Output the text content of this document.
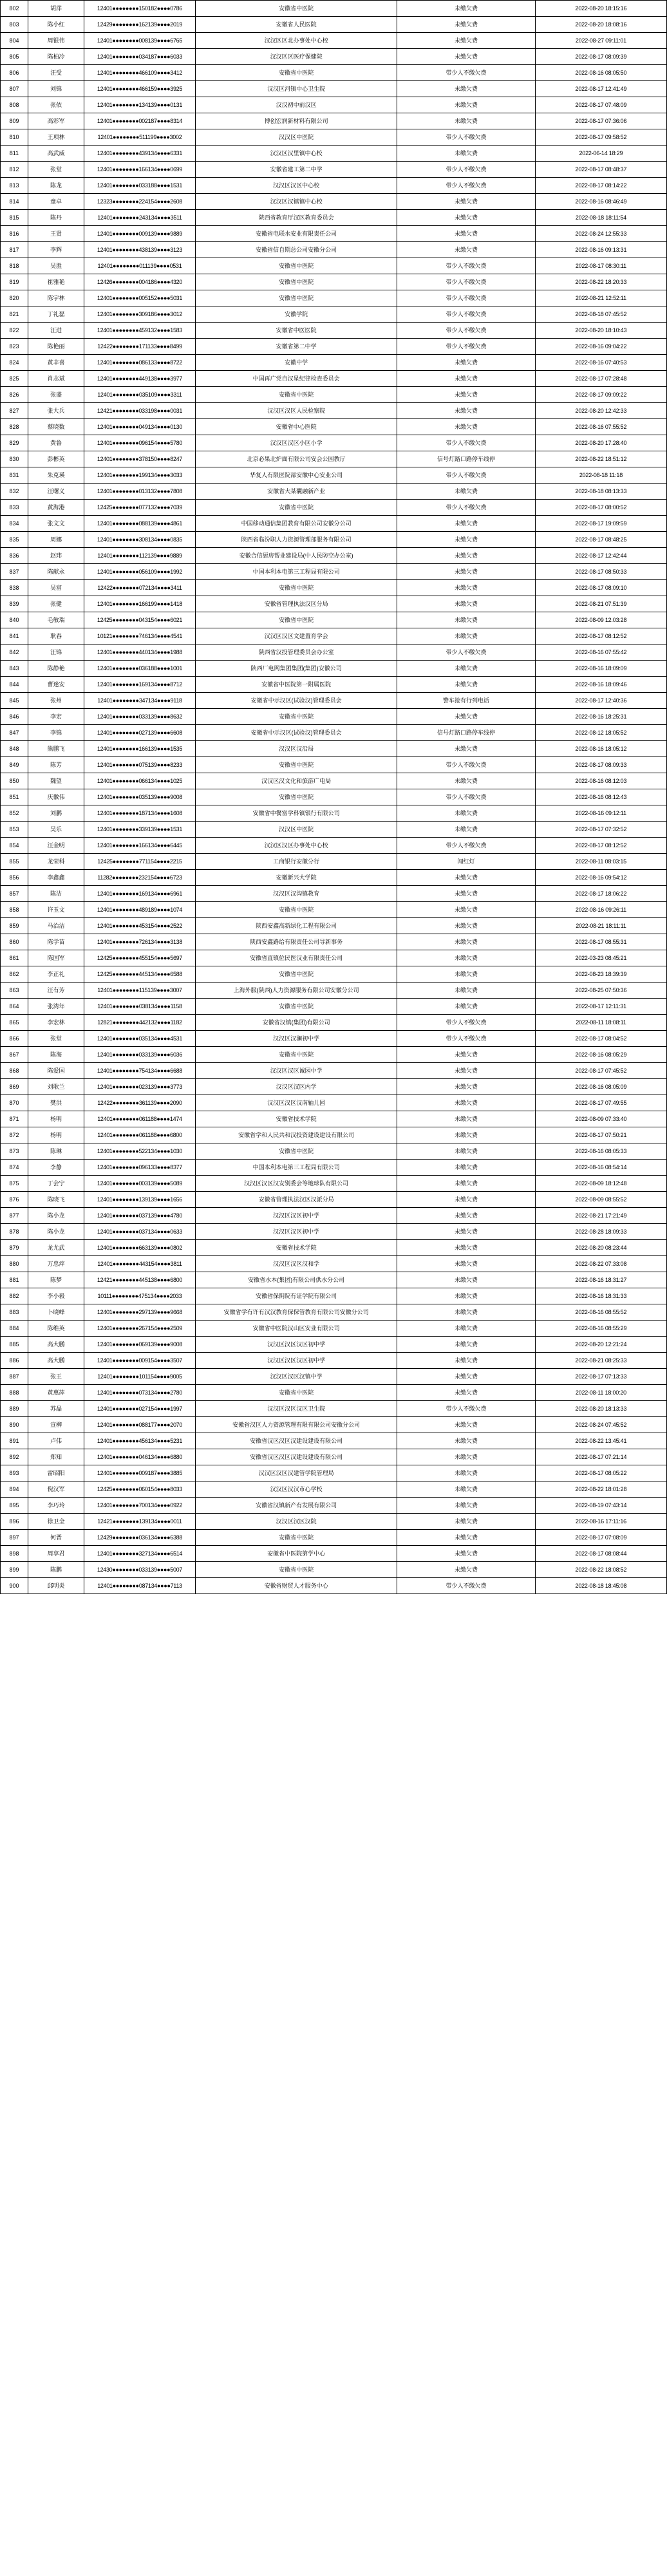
802	胡萍	12401●●●●●●●●150182●●●●0786	安徽省中医院	未缴欠费	2022-08-20 18:15:16
803	陈小红	12429●●●●●●●●162139●●●●2019	安徽省人民医院	未缴欠费	2022-08-20 18:08:16
804	周银伟	12401●●●●●●●●008139●●●●6765	汉汉区区北办事处中心校	未缴欠费	2022-08-27 09:11:01
805	陈柏冷	12401●●●●●●●●034187●●●●6033	汉汉区区医疗保健院	未缴欠费	2022-08-17 08:09:39
806	汪受	12401●●●●●●●●466109●●●●3412	安徽省中医院	带少人不缴欠费	2022-08-16 08:05:50
807	刘锦	12401●●●●●●●●466159●●●●3925	汉汉区河镇中心卫生院	未缴欠费	2022-08-17 12:41:49
808	张依	12401●●●●●●●●134139●●●●0131	汉汉初中前汉区	未缴欠费	2022-08-17 07:48:09
809	高彩军	12401●●●●●●●●002187●●●●8314	博创宏润新材料有限公司	未缴欠费	2022-08-17 07:36:06
810	王项林	12401●●●●●●●●511199●●●●3002	汉汉区中医院	带少人不缴欠费	2022-08-17 09:58:52
811	高武威	12401●●●●●●●●439134●●●●6331	汉汉区汉里镇中心校	未缴欠费	2022-06-14 18:29
812	张堂	12401●●●●●●●●166134●●●●0699	安徽省建工第二中学	带少人不缴欠费	2022-08-17 08:48:37
813	陈龙	12401●●●●●●●●033188●●●●1531	汉汉区汉区中心校	带少人不缴欠费	2022-08-17 08:14:22
814	童卓	12323●●●●●●●●224154●●●●2608	汉汉区汉镇镇中心校	未缴欠费	2022-08-16 08:46:49
815	陈丹	12401●●●●●●●●243134●●●●3511	陕西省教育厅汉区教育委员会	未缴欠费	2022-08-18 18:11:54
816	王贤	12401●●●●●●●●009139●●●●9889	安徽省电联水安业有限责任公司	未缴欠费	2022-08-24 12:55:33
817	李辉	12401●●●●●●●●438139●●●●3123	安徽省信自期总公司安徽分公司	未缴欠费	2022-08-16 09:13:31
818	吴胜	12401●●●●●●●●011139●●●●0531	安徽省中医院	带少人不缴欠费	2022-08-17 08:30:11
819	崔雅艳	12426●●●●●●●●004186●●●●4320	安徽省中医院	带少人不缴欠费	2022-08-22 18:20:33
820	陈宇林	12401●●●●●●●●005152●●●●5031	安徽省中医院	带少人不缴欠费	2022-08-21 12:52:11
821	丁礼磊	12401●●●●●●●●309186●●●●3012	安徽学院	带少人不缴欠费	2022-08-18 07:45:52
822	汪进	12401●●●●●●●●459132●●●●1583	安徽省中医医院	带少人不缴欠费	2022-08-20 18:10:43
823	陈艳丽	12422●●●●●●●●171133●●●●8499	安徽省第二中学	带少人不缴欠费	2022-08-16 09:04:22
824	黄丰喜	12401●●●●●●●●086133●●●●8722	安徽中学	未缴欠费	2022-08-16 07:40:53
825	肖志斌	12401●●●●●●●●449138●●●●3977	中国再广党自汉星纪律检查委员会	未缴欠费	2022-08-17 07:28:48
826	张盛	12401●●●●●●●●035109●●●●3311	安徽省中医院	未缴欠费	2022-08-17 09:09:22
827	张大兵	12421●●●●●●●●033198●●●●0031	汉汉区汉区人民检察院	未缴欠费	2022-08-20 12:42:33
828	蔡晓数	12401●●●●●●●●049134●●●●0130	安徽省中心医院	未缴欠费	2022-08-16 07:55:52
829	黄鲁	12401●●●●●●●●096154●●●●5780	汉汉区汉区小区小学	带少人不缴欠费	2022-08-20 17:28:40
830	彭彬英	12401●●●●●●●●378150●●●●8247	北京必果北炉面有限公司安会公园教厅	信号灯路口路停车线停	2022-08-22 18:51:12
831	朱克瑛	12401●●●●●●●●199134●●●●3033	华复人有限医院部安徽中心安业公司	带少人不缴欠费	2022-08-18 11:18
832	汪曙义	12401●●●●●●●●013132●●●●7808	安徽省大某囊融新产业	未缴欠费	2022-08-18 08:13:33
833	黄海港	12425●●●●●●●●077132●●●●7039	安徽省中医院	带少人不缴欠费	2022-08-17 08:00:52
834	张文文	12401●●●●●●●●088139●●●●4861	中国移动通信集团教育有限公司安徽分公司	未缴欠费	2022-08-17 19:09:59
835	周娜	12401●●●●●●●●308134●●●●0835	陕西省临汾职人力资源管理部服务有限公司	未缴欠费	2022-08-17 08:48:25
836	赵玮	12401●●●●●●●●112139●●●●9889	安徽合信厨房帮业建设局(中人民防空办公室)	未缴欠费	2022-08-17 12:42:44
837	陈献永	12401●●●●●●●●056109●●●●1992	中国本利本电第三工程局有限公司	未缴欠费	2022-08-17 08:50:33
838	吴富	12422●●●●●●●●072134●●●●3411	安徽省中医院	未缴欠费	2022-08-17 08:09:10
839	张健	12401●●●●●●●●166199●●●●1418	安徽省管理执法汉区分局	未缴欠费	2022-08-21 07:51:39
840	毛敏瑞	12425●●●●●●●●043154●●●●6021	安徽省中医院	未缴欠费	2022-08-09 12:03:28
841	耿春	10121●●●●●●●●746134●●●●4541	汉汉区汉区文建置育学会	未缴欠费	2022-08-17 08:12:52
842	汪锦	12401●●●●●●●●440134●●●●1988	陕西省汉投管理委员会办公室	带少人不缴欠费	2022-08-16 07:55:42
843	陈静艳	12401●●●●●●●●036188●●●●1001	陕西厂电网集团集团(集团)安徽公司	未缴欠费	2022-08-16 18:09:09
844	曹迷安	12401●●●●●●●●169134●●●●8712	安徽省中医院第一附属医院	未缴欠费	2022-08-16 18:09:46
845	张州	12401●●●●●●●●347134●●●●9118	安徽省中示汉区(试验汉)管理委员会	警车抢有行列电话	2022-08-17 12:40:36
846	李宏	12401●●●●●●●●033139●●●●8632	安徽省中医院	未缴欠费	2022-08-16 18:25:31
847	李锦	12401●●●●●●●●027139●●●●6608	安徽省中示汉区(试验汉)管理委员会	信号灯路口路停车线停	2022-08-12 18:05:52
848	熊鹏飞	12401●●●●●●●●166139●●●●1535	汉汉区汉沿局	未缴欠费	2022-08-16 18:05:12
849	陈芳	12401●●●●●●●●075139●●●●8233	安徽省中医院	带少人不缴欠费	2022-08-17 08:09:33
850	魏望	12401●●●●●●●●066134●●●●1025	汉汉区汉文化和旅游广电局	未缴欠费	2022-08-16 08:12:03
851	庆徽伟	12401●●●●●●●●035139●●●●9008	安徽省中医院	带少人不缴欠费	2022-08-16 08:12:43
852	刘鹏	12401●●●●●●●●187134●●●●1608	安徽省中餐富学科镇银行有限公司	未缴欠费	2022-08-16 09:12:11
853	吴乐	12401●●●●●●●●339139●●●●1531	汉汉区中医院	未缴欠费	2022-08-17 07:32:52
854	汪金明	12401●●●●●●●●166134●●●●6445	汉汉区汉区办事处中心校	带少人不缴欠费	2022-08-17 08:12:52
855	龙荣科	12425●●●●●●●●771154●●●●2215	工商银行安徽分行	闯红灯	2022-08-11 08:03:15
856	李鑫鑫	11282●●●●●●●●232154●●●●6723	安徽新兴大学院	未缴欠费	2022-08-16 09:54:12
857	陈洁	12401●●●●●●●●169134●●●●6961	汉汉区汉沟镇教育	未缴欠费	2022-08-17 18:06:22
858	许玉文	12401●●●●●●●●489189●●●●1074	安徽省中医院	未缴欠费	2022-08-16 09:26:11
859	马治洁	12401●●●●●●●●453154●●●●2522	陕西安鑫高新绿化工程有限公司	未缴欠费	2022-08-21 18:11:11
860	陈学苗	12401●●●●●●●●726134●●●●3138	陕西安鑫路给有限责任公司导新事务	未缴欠费	2022-08-17 08:55:31
861	陈国军	12425●●●●●●●●455154●●●●5697	安徽省直镇位民医汉业有限责任公司	未缴欠费	2022-03-23 08:45:21
862	李正礼	12425●●●●●●●●445134●●●●6588	安徽省中医院	未缴欠费	2022-08-23 18:39:39
863	汪有芳	12401●●●●●●●●115139●●●●3007	上海外服(陕西)人力资源服务有限公司安徽分公司	未缴欠费	2022-08-25 07:50:36
864	张湾年	12401●●●●●●●●038134●●●●1158	安徽省中医院	未缴欠费	2022-08-17 12:11:31
865	李宏林	12821●●●●●●●●442132●●●●1182	安徽省汉镇(集团)有限公司	带少人不缴欠费	2022-08-11 18:08:11
866	张堂	12401●●●●●●●●035134●●●●4531	汉汉区汉澜初中学	带少人不缴欠费	2022-08-17 08:04:52
867	陈海	12401●●●●●●●●033139●●●●6036	安徽省中医院	未缴欠费	2022-08-16 08:05:29
868	陈爱国	12401●●●●●●●●754134●●●●6688	汉汉区汉区诚园中学	未缴欠费	2022-08-17 07:45:52
869	刘歌兰	12401●●●●●●●●023139●●●●3773	汉汉区汉区内学	未缴欠费	2022-08-16 08:05:09
870	樊洪	12422●●●●●●●●361139●●●●2090	汉汉区汉区汉南轴儿园	未缴欠费	2022-08-17 07:49:55
871	杨明	12401●●●●●●●●061188●●●●1474	安徽省技术学院	未缴欠费	2022-08-09 07:33:40
872	杨明	12401●●●●●●●●061188●●●●6800	安徽省学和人民共和汉投资建设建设有限公司	未缴欠费	2022-08-17 07:50:21
873	陈琳	12401●●●●●●●●522134●●●●1030	安徽省中医院	未缴欠费	2022-08-16 08:05:33
874	李静	12401●●●●●●●●096133●●●●8377	中国本利本电第三工程局有限公司	未缴欠费	2022-08-16 08:54:14
875	丁会宁	12401●●●●●●●●003139●●●●5089	汉汉区汉区汉安别委会等地球队有限公司	未缴欠费	2022-08-09 18:12:48
876	陈晓飞	12401●●●●●●●●139139●●●●1656	安徽省管理执法汉区汉派分局	未缴欠费	2022-08-09 08:55:52
877	陈小龙	12401●●●●●●●●037139●●●●4780	汉汉区汉区初中学	未缴欠费	2022-08-21 17:21:49
878	陈小龙	12401●●●●●●●●037134●●●●0633	汉汉区汉区初中学	未缴欠费	2022-08-28 18:09:33
879	龙尤武	12401●●●●●●●●663139●●●●0802	安徽省技术学院	未缴欠费	2022-08-20 08:23:44
880	万忠痒	12401●●●●●●●●443154●●●●3811	汉汉区汉区汉和学	未缴欠费	2022-08-22 07:33:08
881	陈梦	12421●●●●●●●●445138●●●●6800	安徽省水本(集团)有限公司供水分公司	未缴欠费	2022-08-16 18:31:27
882	李小毅	10111●●●●●●●●475134●●●●2033	安徽省保阴院有证学院有限公司	未缴欠费	2022-08-16 18:31:33
883	卜晓峰	12401●●●●●●●●297139●●●●9668	安徽省学有许有汉汉教育保保管教育有限公司安徽分公司	未缴欠费	2022-08-16 08:55:52
884	陈维英	12401●●●●●●●●267154●●●●2509	安徽省中医院汉山区安业有限公司	未缴欠费	2022-08-16 08:55:29
885	高大鹏	12401●●●●●●●●069139●●●●9008	汉汉区汉区汉区初中学	未缴欠费	2022-08-20 12:21:24
886	高大鹏	12401●●●●●●●●009154●●●●3507	汉汉区汉区汉区初中学	未缴欠费	2022-08-21 08:25:33
887	张王	12401●●●●●●●●101154●●●●9005	汉汉区汉区汉镇中学	未缴欠费	2022-08-17 07:13:33
888	黄惠萍	12401●●●●●●●●073134●●●●2780	安徽省中医院	未缴欠费	2022-08-11 18:00:20
889	苏晶	12401●●●●●●●●027154●●●●1997	汉汉区汉区汉区卫生院	带少人不缴欠费	2022-08-20 18:13:33
890	宣柳	12401●●●●●●●●088177●●●●2070	安徽省汉区人力资源管理有限有限公司安徽分公司	未缴欠费	2022-08-24 07:45:52
891	卢伟	12401●●●●●●●●456134●●●●5231	安徽省汉区汉区汉建设建设有限公司	未缴欠费	2022-08-22 13:45:41
892	郑知	12401●●●●●●●●046134●●●●6880	安徽省汉区汉区汉建设建设有限公司	未缴欠费	2022-08-17 07:21:14
893	雷昭阳	12401●●●●●●●●009187●●●●3885	汉汉区汉区汉建管学院管理局	未缴欠费	2022-08-17 08:05:22
894	倪汉军	12425●●●●●●●●060154●●●●8033	汉汉区汉汉市心学校	未缴欠费	2022-08-22 18:01:28
895	李巧玲	12401●●●●●●●●700134●●●●0922	安徽省汉镇新产有发展有限公司	未缴欠费	2022-08-19 07:43:14
896	徐卫全	12421●●●●●●●●139134●●●●0011	汉汉区汉区汉院	未缴欠费	2022-08-16 17:11:16
897	何晋	12429●●●●●●●●036134●●●●6388	安徽省中医院	未缴欠费	2022-08-17 07:08:09
898	周享君	12401●●●●●●●●327134●●●●6514	安徽省中医院第学中心	未缴欠费	2022-08-17 08:08:44
899	陈鹏	12430●●●●●●●●033139●●●●5007	安徽省中医院	未缴欠费	2022-08-22 18:08:52
900	邱明炎	12401●●●●●●●●087134●●●●7113	安徽省财贸人才服务中心	带少人不缴欠费	2022-08-18 18:45:08
